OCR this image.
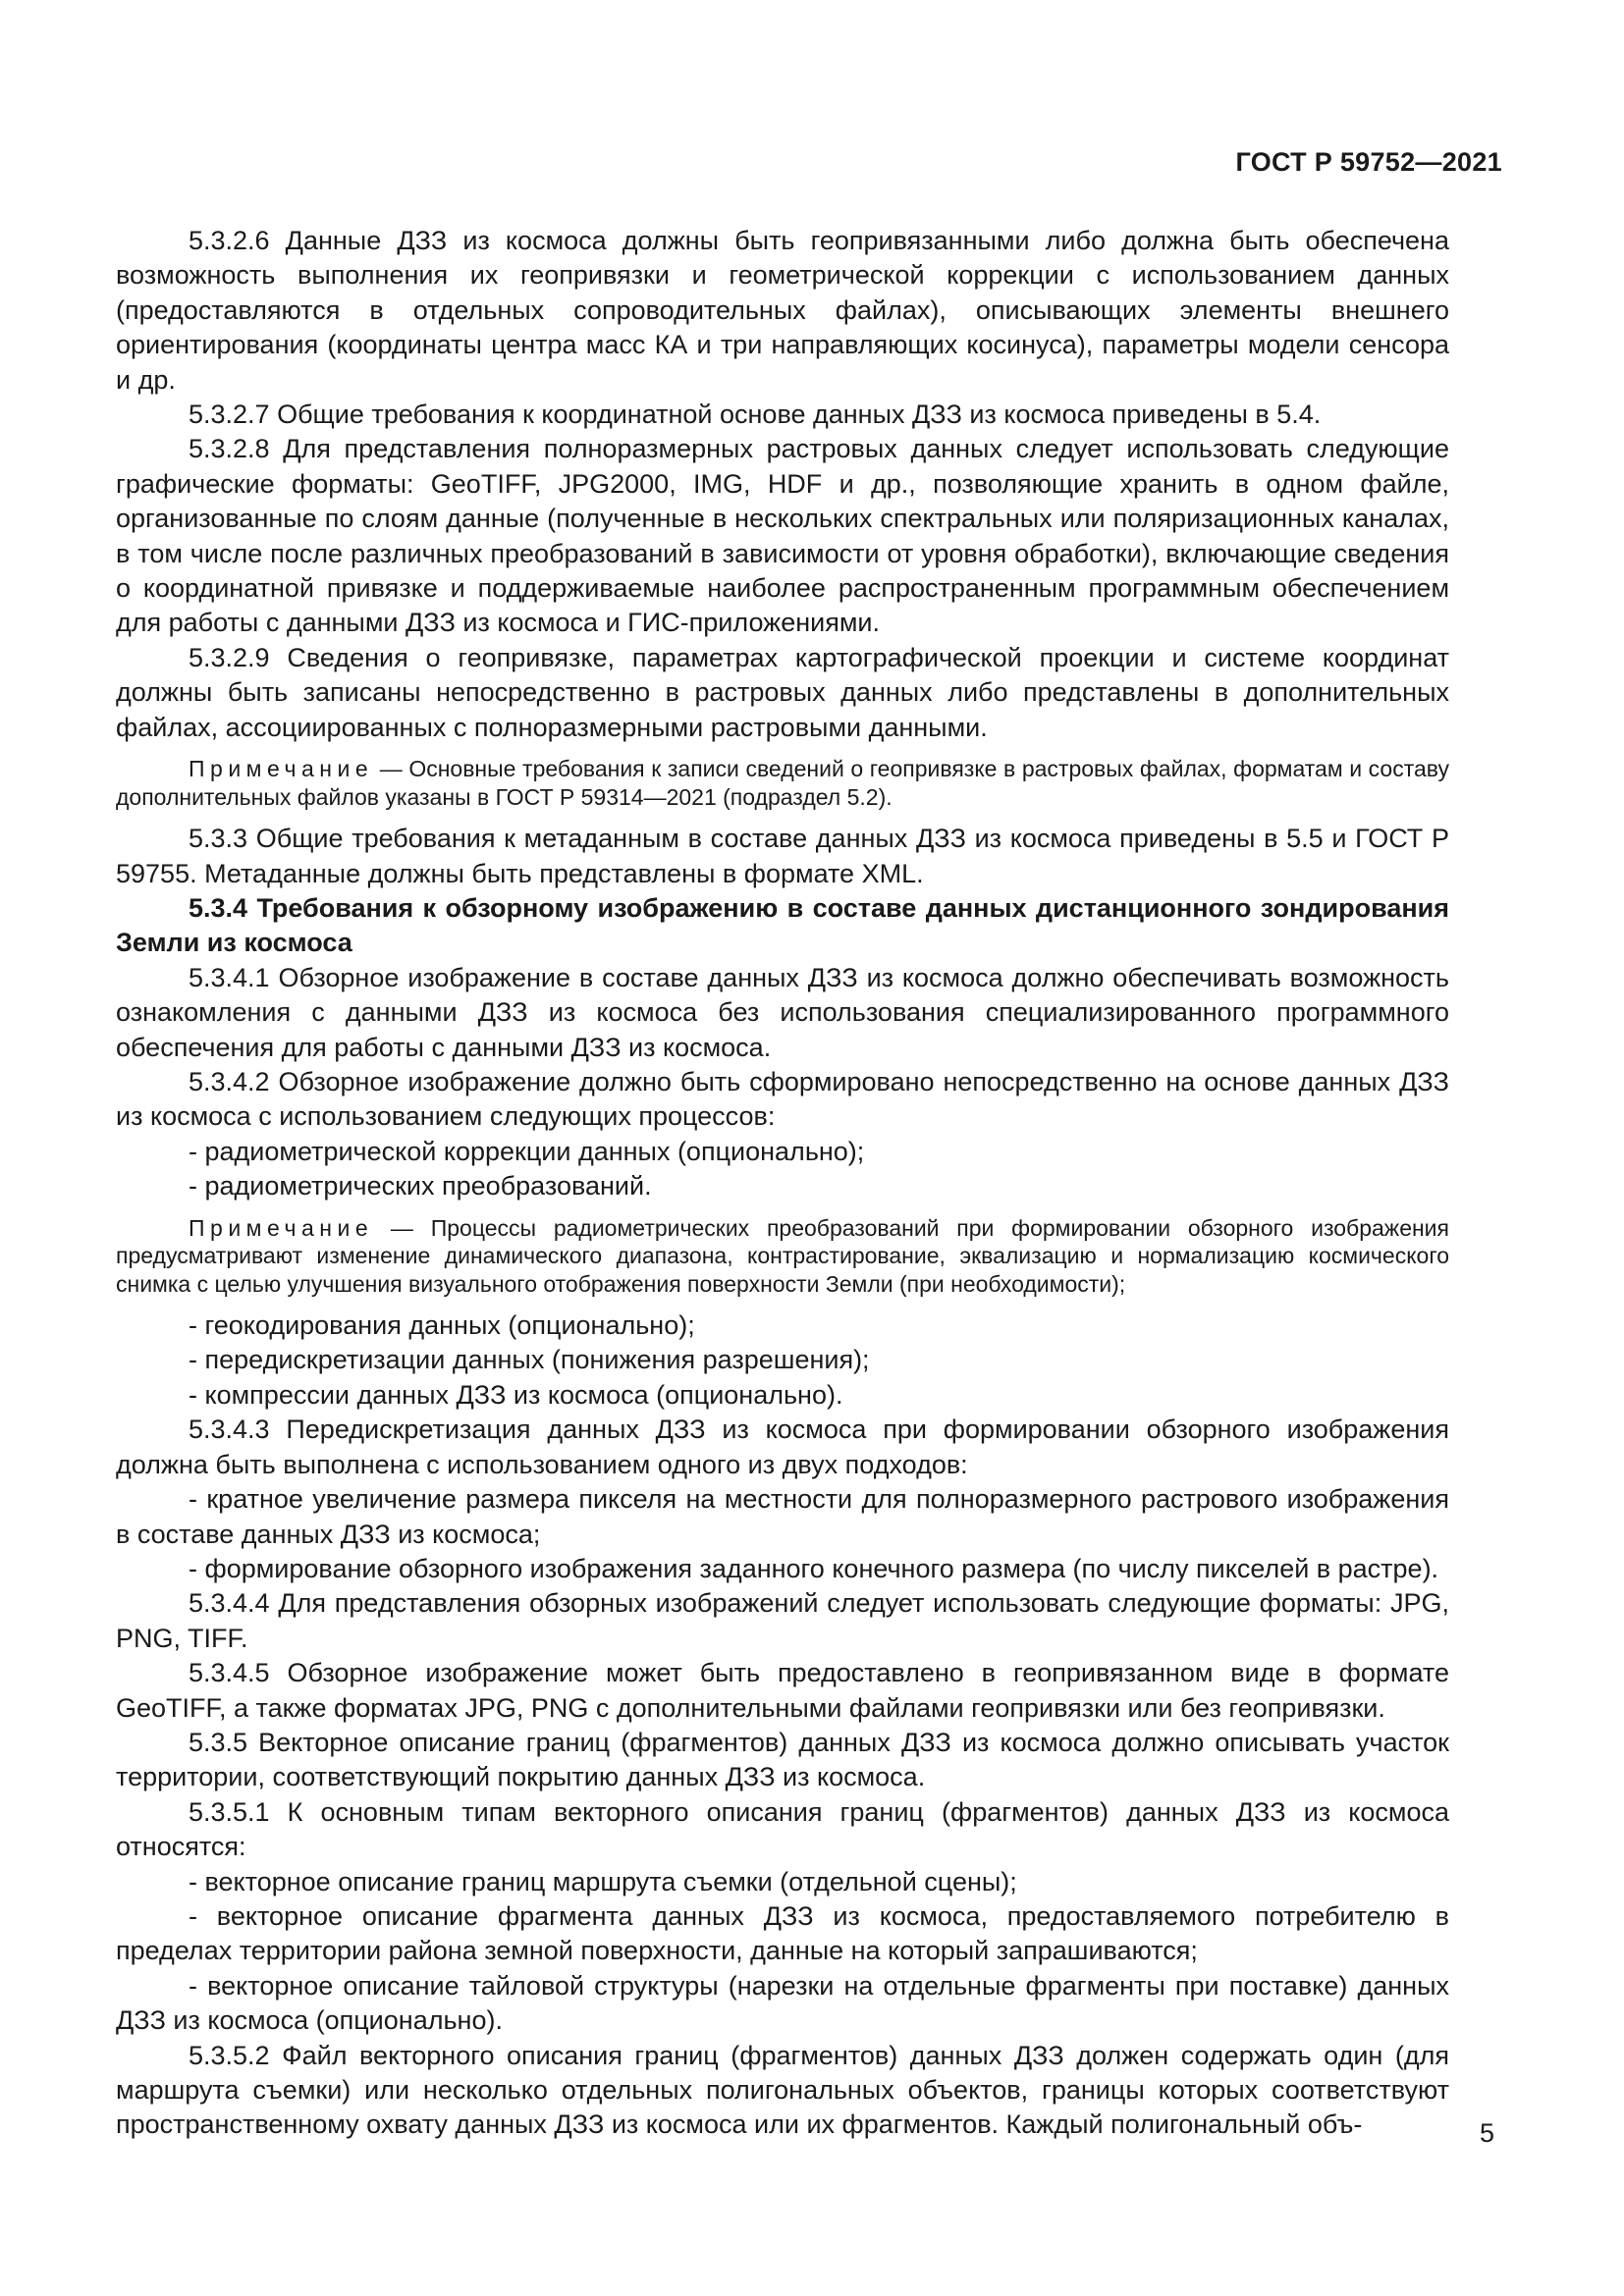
ГОСТ Р 59752—2021

5.3.2.6 Данные ДЗЗ из космоса должны быть геопривязанными либо должна быть обеспечена возможность выполнения их геопривязки и геометрической коррекции с использованием данных (предоставляются в отдельных сопроводительных файлах), описывающих элементы внешнего ориентирования (координаты центра масс КА и три направляющих косинуса), параметры модели сенсора и др.

5.3.2.7 Общие требования к координатной основе данных ДЗЗ из космоса приведены в 5.4.

5.3.2.8 Для представления полноразмерных растровых данных следует использовать следующие графические форматы: GeoTIFF, JPG2000, IMG, HDF и др., позволяющие хранить в одном файле, организованные по слоям данные (полученные в нескольких спектральных или поляризационных каналах, в том числе после различных преобразований в зависимости от уровня обработки), включающие сведения о координатной привязке и поддерживаемые наиболее распространенным программным обеспечением для работы с данными ДЗЗ из космоса и ГИС-приложениями.

5.3.2.9 Сведения о геопривязке, параметрах картографической проекции и системе координат должны быть записаны непосредственно в растровых данных либо представлены в дополнительных файлах, ассоциированных с полноразмерными растровыми данными.

Примечание — Основные требования к записи сведений о геопривязке в растровых файлах, форматам и составу дополнительных файлов указаны в ГОСТ Р 59314—2021 (подраздел 5.2).

5.3.3 Общие требования к метаданным в составе данных ДЗЗ из космоса приведены в 5.5 и ГОСТ Р 59755. Метаданные должны быть представлены в формате XML.

5.3.4 Требования к обзорному изображению в составе данных дистанционного зондирования Земли из космоса

5.3.4.1 Обзорное изображение в составе данных ДЗЗ из космоса должно обеспечивать возможность ознакомления с данными ДЗЗ из космоса без использования специализированного программного обеспечения для работы с данными ДЗЗ из космоса.

5.3.4.2 Обзорное изображение должно быть сформировано непосредственно на основе данных ДЗЗ из космоса с использованием следующих процессов:

- радиометрической коррекции данных (опционально);

- радиометрических преобразований.

Примечание — Процессы радиометрических преобразований при формировании обзорного изображения предусматривают изменение динамического диапазона, контрастирование, эквализацию и нормализацию космического снимка с целью улучшения визуального отображения поверхности Земли (при необходимости);

- геокодирования данных (опционально);

- передискретизации данных (понижения разрешения);

- компрессии данных ДЗЗ из космоса (опционально).

5.3.4.3 Передискретизация данных ДЗЗ из космоса при формировании обзорного изображения должна быть выполнена с использованием одного из двух подходов:

- кратное увеличение размера пикселя на местности для полноразмерного растрового изображения в составе данных ДЗЗ из космоса;

- формирование обзорного изображения заданного конечного размера (по числу пикселей в растре).

5.3.4.4 Для представления обзорных изображений следует использовать следующие форматы: JPG, PNG, TIFF.

5.3.4.5 Обзорное изображение может быть предоставлено в геопривязанном виде в формате GeoTIFF, а также форматах JPG, PNG с дополнительными файлами геопривязки или без геопривязки.

5.3.5 Векторное описание границ (фрагментов) данных ДЗЗ из космоса должно описывать участок территории, соответствующий покрытию данных ДЗЗ из космоса.

5.3.5.1 К основным типам векторного описания границ (фрагментов) данных ДЗЗ из космоса относятся:

- векторное описание границ маршрута съемки (отдельной сцены);

- векторное описание фрагмента данных ДЗЗ из космоса, предоставляемого потребителю в пределах территории района земной поверхности, данные на который запрашиваются;

- векторное описание тайловой структуры (нарезки на отдельные фрагменты при поставке) данных ДЗЗ из космоса (опционально).

5.3.5.2 Файл векторного описания границ (фрагментов) данных ДЗЗ должен содержать один (для маршрута съемки) или несколько отдельных полигональных объектов, границы которых соответствуют пространственному охвату данных ДЗЗ из космоса или их фрагментов. Каждый полигональный объ-	5
